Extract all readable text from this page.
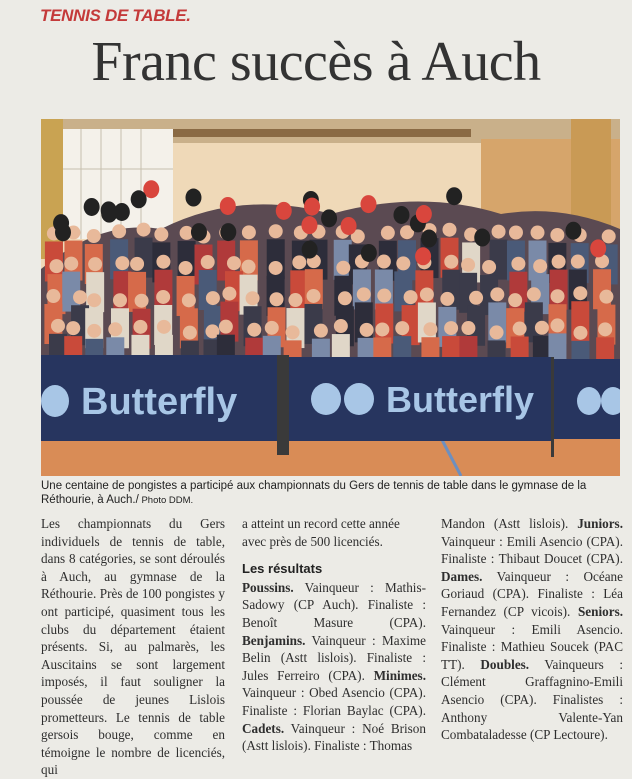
TENNIS DE TABLE.
Franc succès à Auch
Butterfly	Butterfly
Une centaine de pongistes a participé aux championnats du Gers de tennis de table dans le gymnase de la Réthourie, à Auch./ Photo DDM.

Les championnats du Gers individuels de tennis de table, dans 8 catégories, se sont déroulés à Auch, au gymnase de la Réthourie. Près de 100 pongistes y ont participé, quasiment tous les clubs du département étaient présents. Si, au palmarès, les Auscitains se sont largement imposés, il faut souligner la poussée de jeunes Lislois prometteurs. Le tennis de table gersois bouge, comme en témoigne le nombre de licenciés, qui

a atteint un record cette année avec près de 500 licenciés.

Les résultats

Poussins. Vainqueur : Mathis-Sadowy (CP Auch). Finaliste : Benoît Masure (CPA). Benjamins. Vainqueur : Maxime Belin (Astt lislois). Finaliste : Jules Ferreiro (CPA). Minimes. Vainqueur : Obed Asencio (CPA). Finaliste : Florian Baylac (CPA). Cadets. Vainqueur : Noé Brison (Astt lislois). Finaliste : Thomas

Mandon (Astt lislois). Juniors. Vainqueur : Emili Asencio (CPA). Finaliste : Thibaut Doucet (CPA). Dames. Vainqueur : Océane Goriaud (CPA). Finaliste : Léa Fernandez (CP vicois). Seniors. Vainqueur : Emili Asencio. Finaliste : Mathieu Soucek (PAC TT). Doubles. Vainqueurs : Clément Graffagnino-Emili Asencio (CPA). Finalistes : Anthony Valente-Yan Combataladesse (CP Lectoure).
